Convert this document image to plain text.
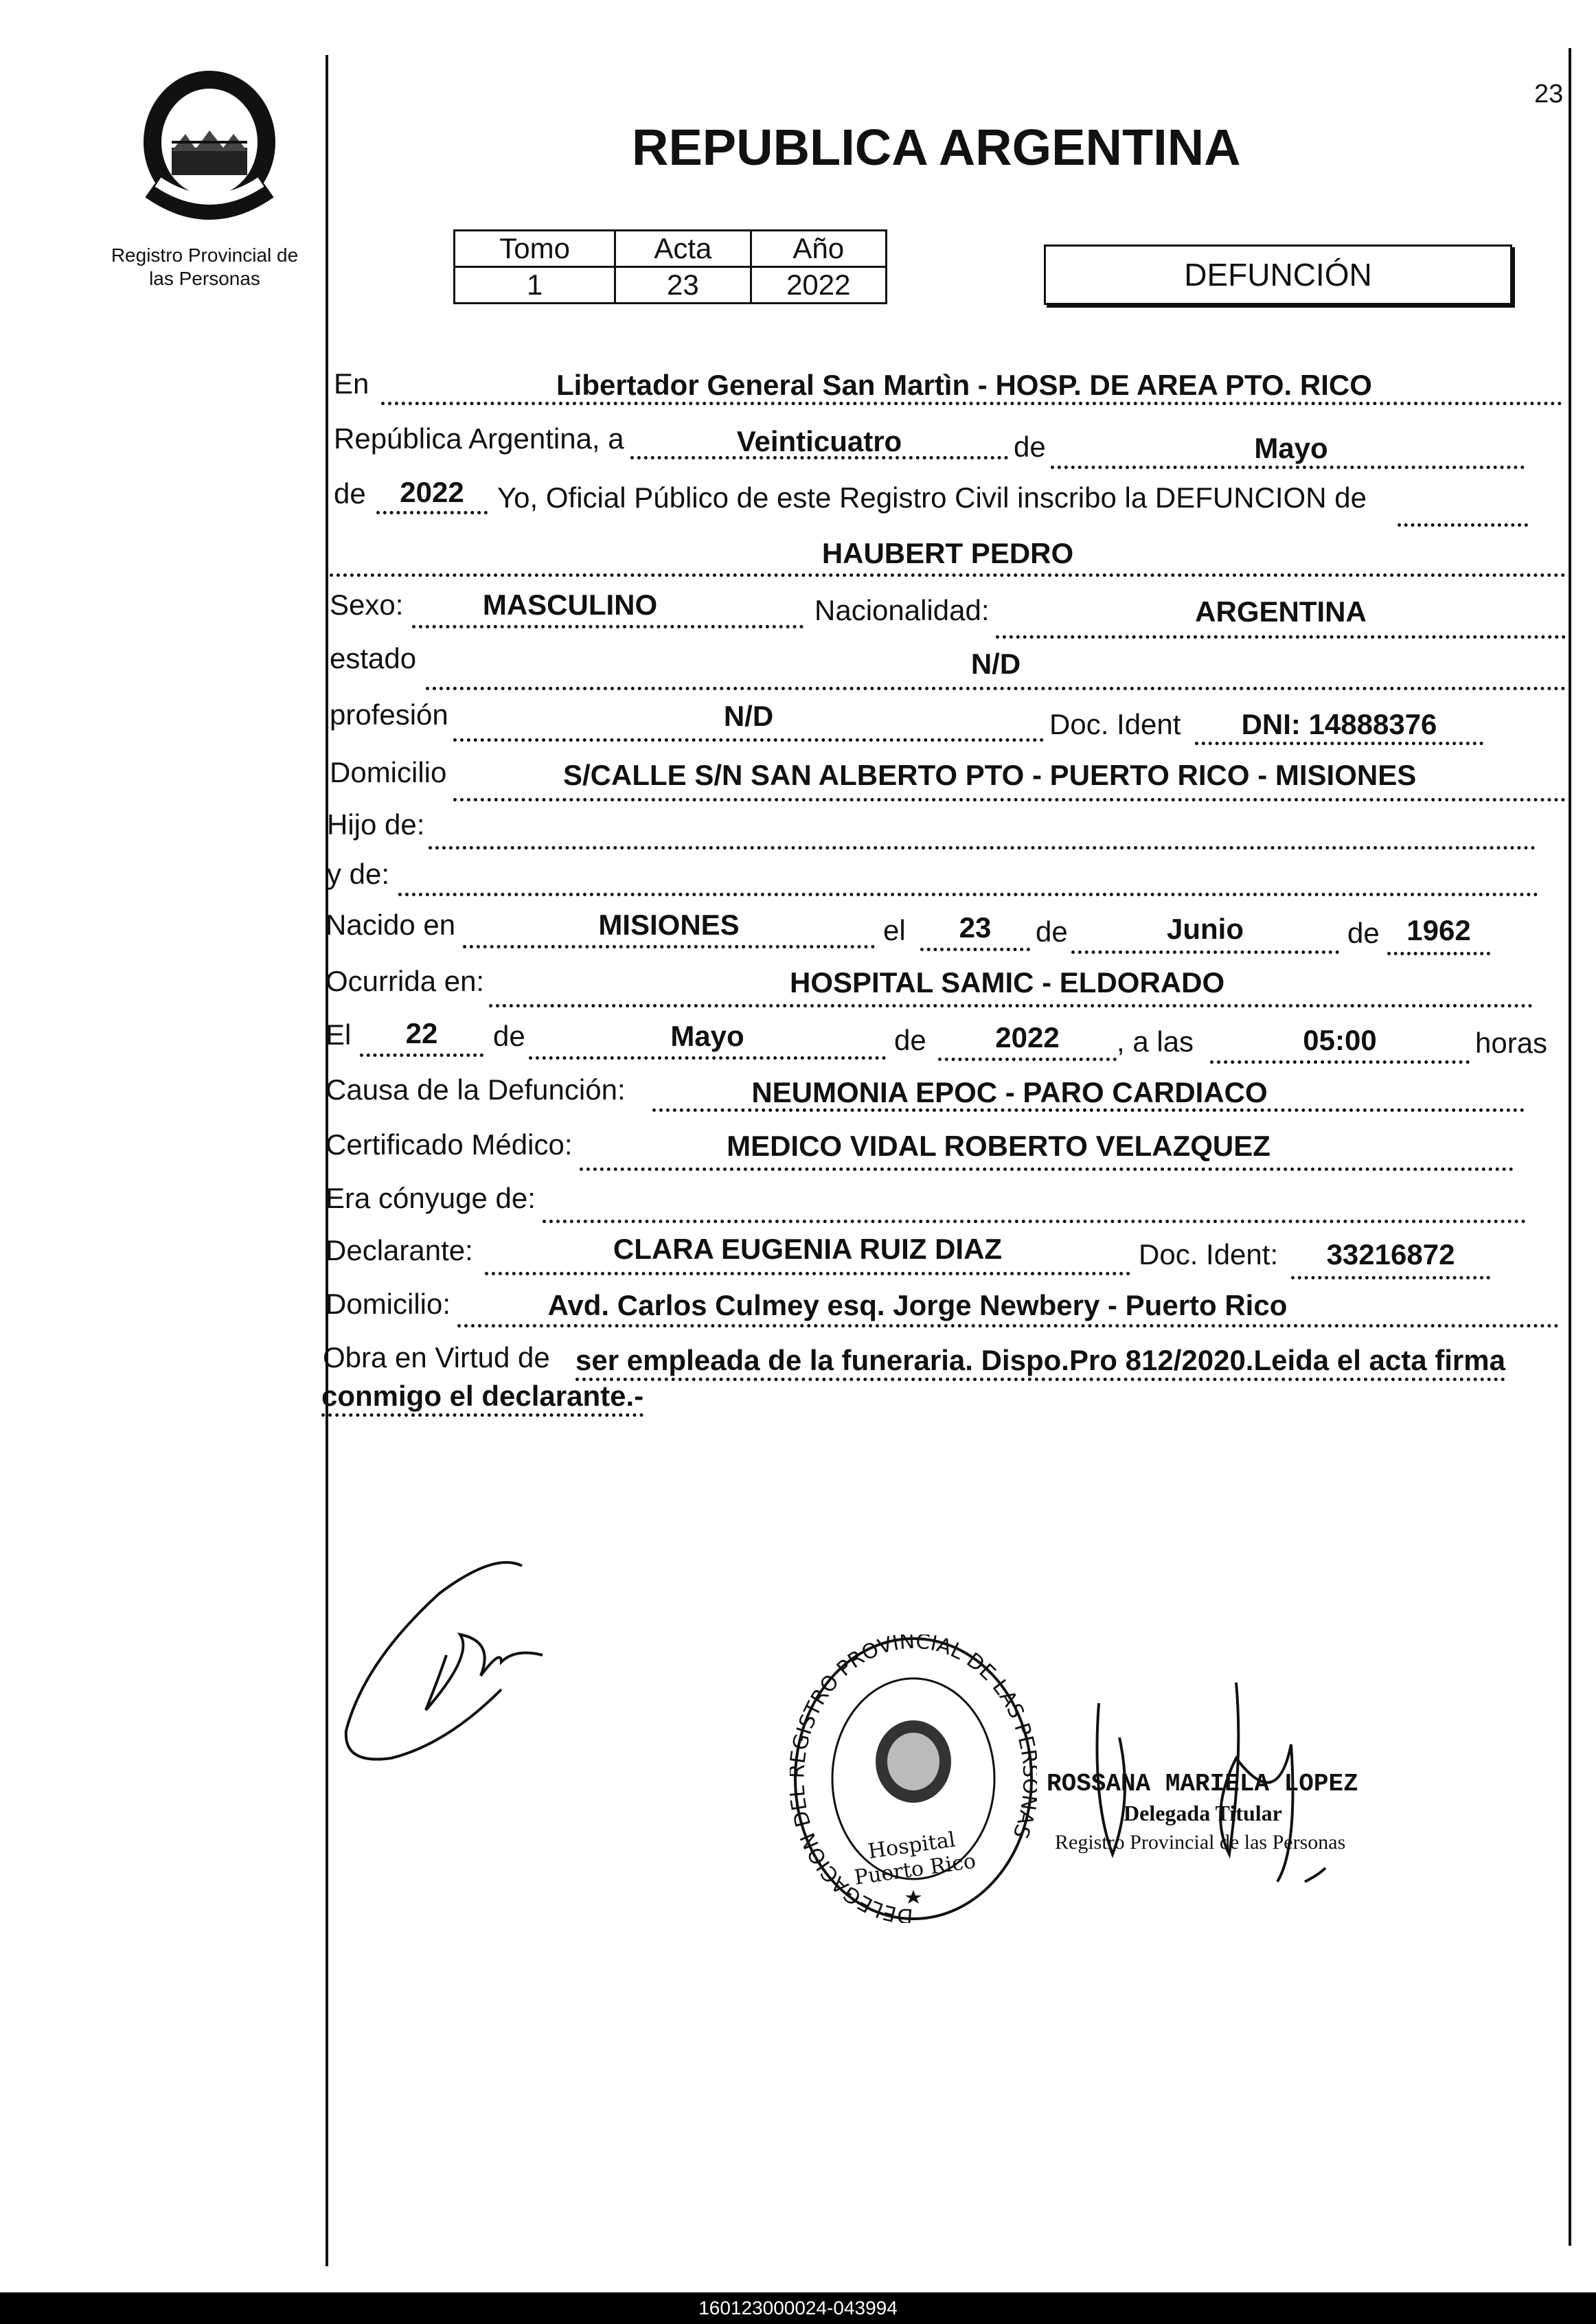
23
Registro Provincial de
las Personas
REPUBLICA ARGENTINA
Tomo	Acta	Año
1	23	2022	DEFUNCIÓN
En	Libertador General San Martìn - HOSP. DE AREA PTO. RICO
República Argentina, a	Veinticuatro	de	Mayo
de	2022	Yo, Oficial Público de este Registro Civil inscribo la DEFUNCION de
HAUBERT PEDRO
Sexo:	MASCULINO	Nacionalidad:	ARGENTINA
estado	N/D
profesión	N/D	Doc. Ident	DNI: 14888376
Domicilio	S/CALLE S/N SAN ALBERTO PTO - PUERTO RICO - MISIONES
Hijo de:
y de:
Nacido en	MISIONES	el	23	de	Junio	de 1962
Ocurrida en:	HOSPITAL SAMIC - ELDORADO
El	22	de	Mayo	de	2022	, a las	05:00	horas
Causa de la Defunción:	NEUMONIA EPOC - PARO CARDIACO
Certificado Médico:	MEDICO VIDAL ROBERTO VELAZQUEZ
Era cónyuge de:
Declarante:	CLARA EUGENIA RUIZ DIAZ	Doc. Ident:	33216872
Domicilio:	Avd. Carlos Culmey esq. Jorge Newbery - Puerto Rico
Obra en Virtud de ser empleada de la funeraria. Dispo.Pro 812/2020.Leida el acta firma
conmigo el declarante.-
DELEGACION D GISTRO PROVINCIAL DE LAS PE AS
Hospital Puerto Rico
ROSSANA MARIELA LOPEZ
Delegada Titular
Registro Provincial de las Personas
160123000024-043994
